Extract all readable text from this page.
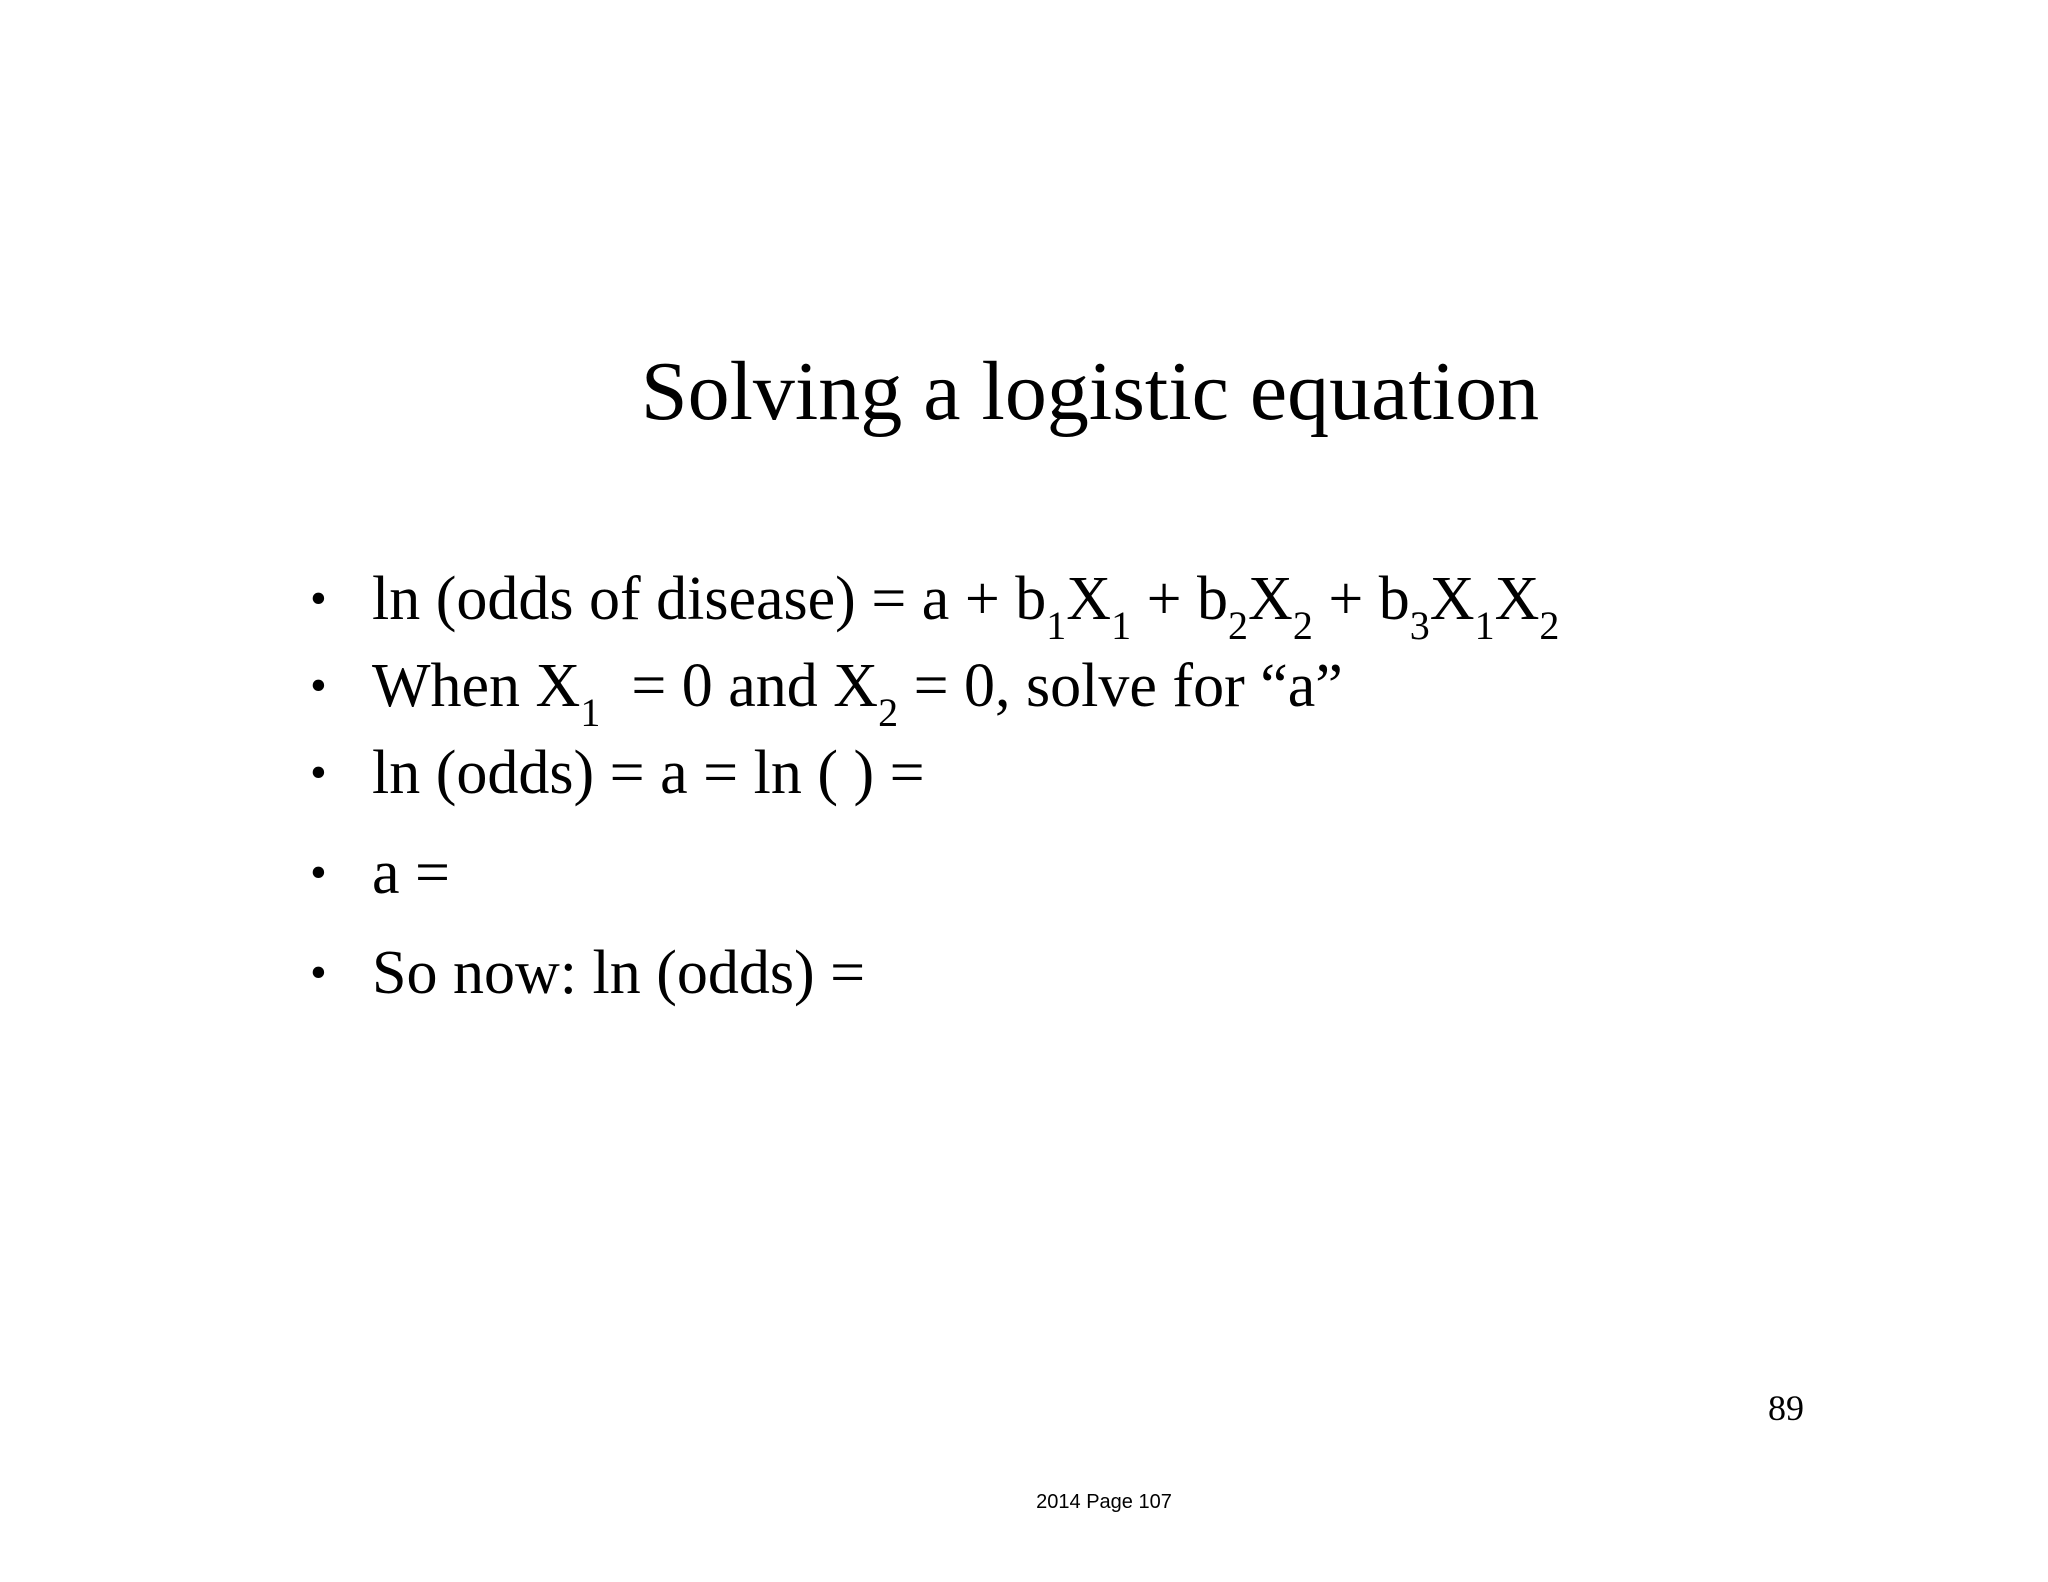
Solving a logistic equation
• ln (odds of disease) = $a + b_1X_1 + b_2X_2 + b_3X_1X_2$
• When $X_1 = 0$ and $X_2 = 0$, solve for “a”
• ln (odds) = a = ln ( ) =
• a =
• So now: ln (odds) =
89
2014 Page 107
